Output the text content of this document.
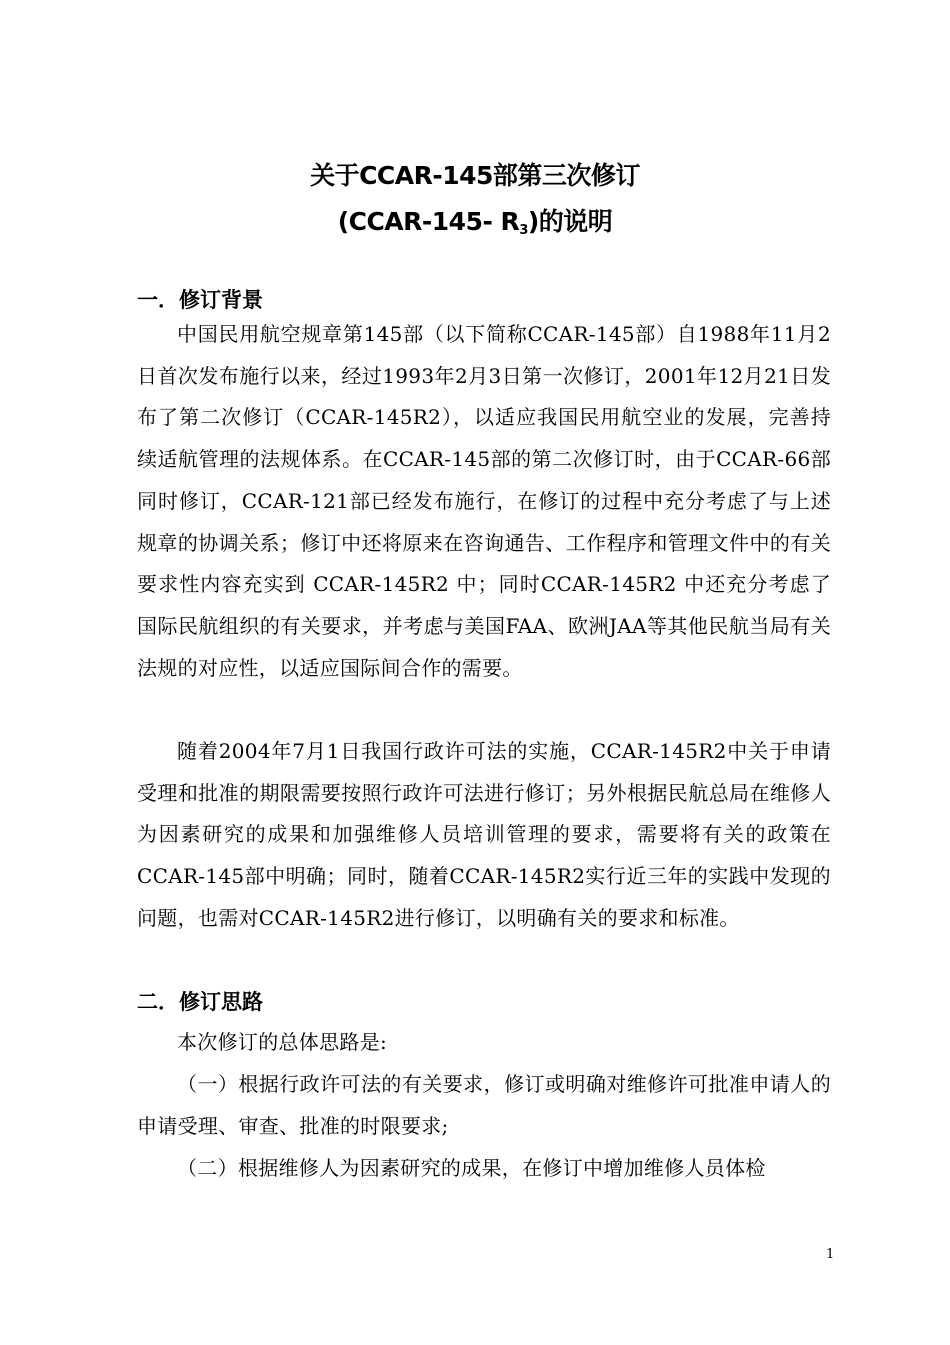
关于CCAR-145部第三次修订
(CCAR-145- $R_3$)的说明
一．修订背景
中国民用航空规章第145部（以下简称CCAR-145部）自1988年11月2日首次发布施行以来，经过1993年2月3日第一次修订，2001年12月21日发布了第二次修订（CCAR-145R2），以适应我国民用航空业的发展，完善持续适航管理的法规体系。在CCAR-145部的第二次修订时，由于CCAR-66部同时修订，CCAR-121部已经发布施行，在修订的过程中充分考虑了与上述规章的协调关系；修订中还将原来在咨询通告、工作程序和管理文件中的有关要求性内容充实到 CCAR-145R2 中；同时CCAR-145R2 中还充分考虑了国际民航组织的有关要求，并考虑与美国FAA、欧洲JAA等其他民航当局有关法规的对应性，以适应国际间合作的需要。
随着2004年7月1日我国行政许可法的实施，CCAR-145R2中关于申请受理和批准的期限需要按照行政许可法进行修订；另外根据民航总局在维修人为因素研究的成果和加强维修人员培训管理的要求，需要将有关的政策在CCAR-145部中明确；同时，随着CCAR-145R2实行近三年的实践中发现的问题，也需对CCAR-145R2进行修订，以明确有关的要求和标准。
二．修订思路
本次修订的总体思路是:
（一）根据行政许可法的有关要求，修订或明确对维修许可批准申请人的申请受理、审查、批准的时限要求;
（二）根据维修人为因素研究的成果，在修订中增加维修人员体检
1
